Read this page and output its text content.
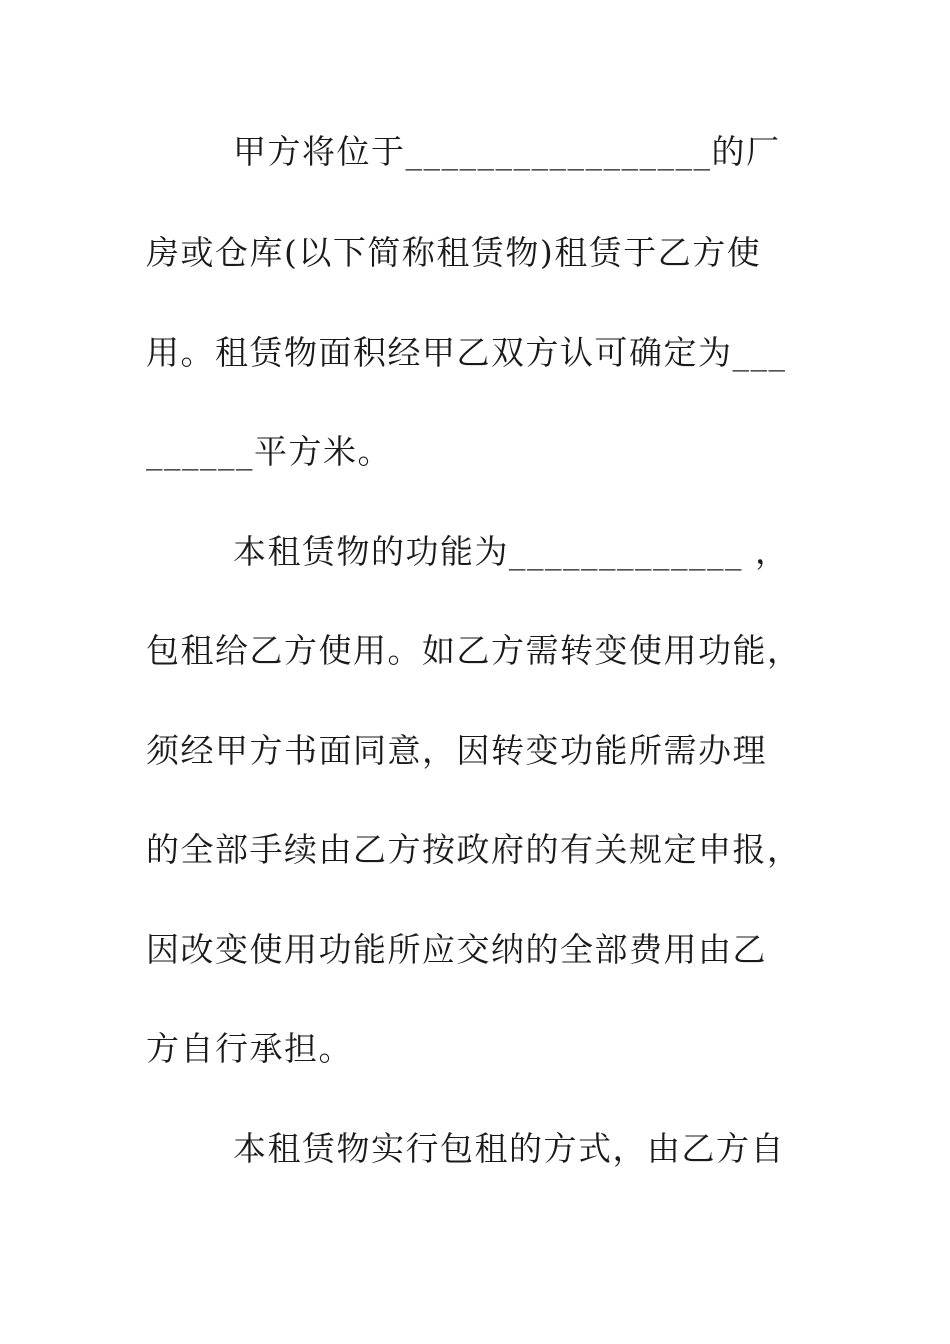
甲方将位于_________________的厂
房或仓库(以下简称租赁物)租赁于乙方使
用。租赁物面积经甲乙双方认可确定为___
______平方米。
本租赁物的功能为_____________ ，
包租给乙方使用。如乙方需转变使用功能，
须经甲方书面同意，因转变功能所需办理
的全部手续由乙方按政府的有关规定申报，
因改变使用功能所应交纳的全部费用由乙
方自行承担。
本租赁物实行包租的方式，由乙方自
